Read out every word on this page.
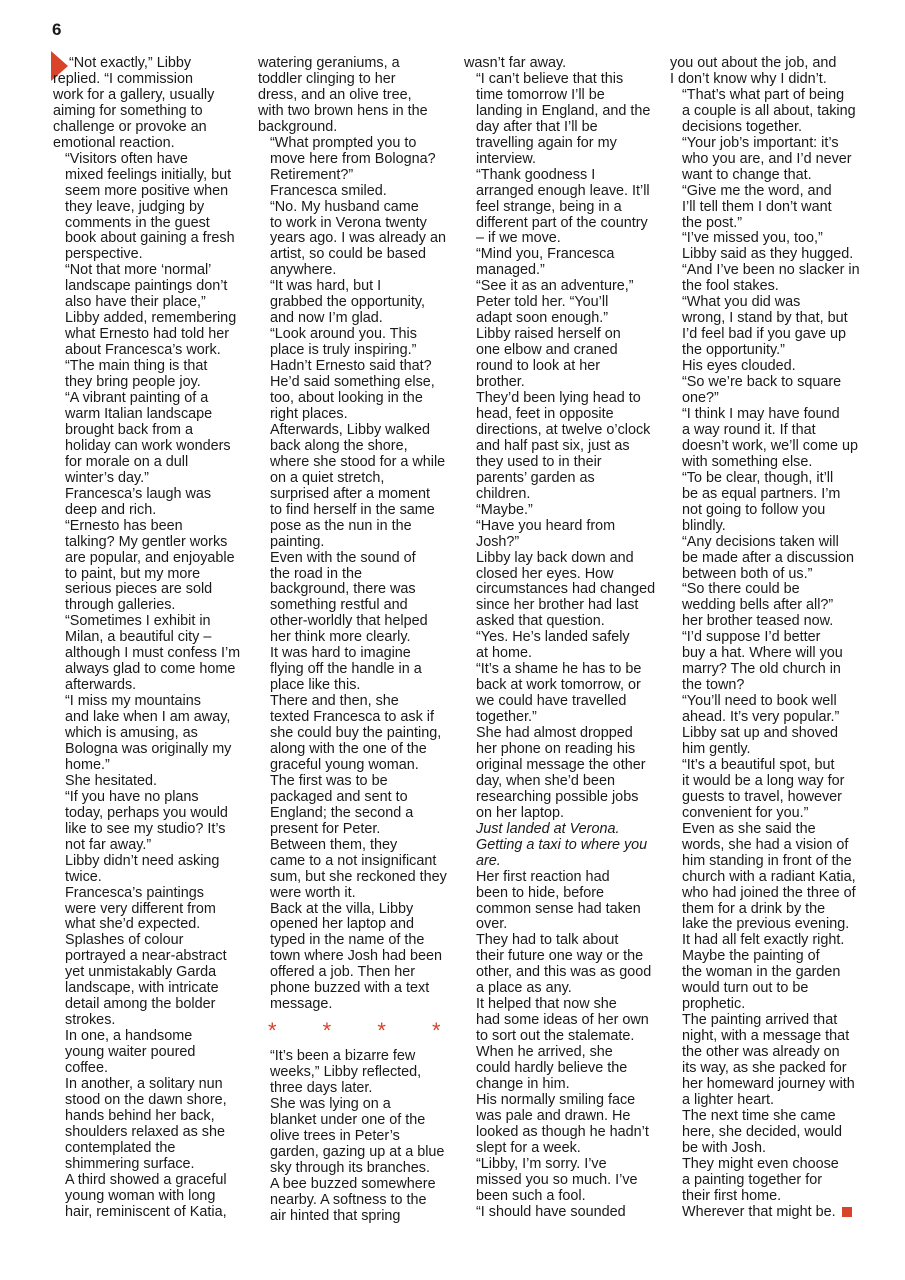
6

“Not exactly,” Libby
replied. “I commission
work for a gallery, usually
aiming for something to
challenge or provoke an
emotional reaction.

“Visitors often have
mixed feelings initially, but
seem more positive when
they leave, judging by
comments in the guest
book about gaining a fresh
perspective.

“Not that more ‘normal’
landscape paintings don’t
also have their place,”
Libby added, remembering
what Ernesto had told her
about Francesca’s work.

“The main thing is that
they bring people joy.

“A vibrant painting of a
warm Italian landscape
brought back from a
holiday can work wonders
for morale on a dull
winter’s day.”

Francesca’s laugh was
deep and rich.

“Ernesto has been
talking? My gentler works
are popular, and enjoyable
to paint, but my more
serious pieces are sold
through galleries.

“Sometimes I exhibit in
Milan, a beautiful city –
although I must confess I’m
always glad to come home
afterwards.

“I miss my mountains
and lake when I am away,
which is amusing, as
Bologna was originally my
home.”

She hesitated.

“If you have no plans
today, perhaps you would
like to see my studio? It’s
not far away.”

Libby didn’t need asking
twice.

Francesca’s paintings
were very different from
what she’d expected.

Splashes of colour
portrayed a near-abstract
yet unmistakably Garda
landscape, with intricate
detail among the bolder
strokes.

In one, a handsome
young waiter poured
coffee.

In another, a solitary nun
stood on the dawn shore,
hands behind her back,
shoulders relaxed as she
contemplated the
shimmering surface.

A third showed a graceful
young woman with long
hair, reminiscent of Katia,

watering geraniums, a
toddler clinging to her
dress, and an olive tree,
with two brown hens in the
background.

“What prompted you to
move here from Bologna?
Retirement?”

Francesca smiled.

“No. My husband came
to work in Verona twenty
years ago. I was already an
artist, so could be based
anywhere.

“It was hard, but I
grabbed the opportunity,
and now I’m glad.

“Look around you. This
place is truly inspiring.”

Hadn’t Ernesto said that?
He’d said something else,
too, about looking in the
right places.

Afterwards, Libby walked
back along the shore,
where she stood for a while
on a quiet stretch,
surprised after a moment
to find herself in the same
pose as the nun in the
painting.

Even with the sound of
the road in the
background, there was
something restful and
other-worldly that helped
her think more clearly.

It was hard to imagine
flying off the handle in a
place like this.

There and then, she
texted Francesca to ask if
she could buy the painting,
along with the one of the
graceful young woman.

The first was to be
packaged and sent to
England; the second a
present for Peter.

Between them, they
came to a not insignificant
sum, but she reckoned they
were worth it.

Back at the villa, Libby
opened her laptop and
typed in the name of the
town where Josh had been
offered a job. Then her
phone buzzed with a text
message.

* * * *

“It’s been a bizarre few
weeks,” Libby reflected,
three days later.

She was lying on a
blanket under one of the
olive trees in Peter’s
garden, gazing up at a blue
sky through its branches.

A bee buzzed somewhere
nearby. A softness to the
air hinted that spring

wasn’t far away.

“I can’t believe that this
time tomorrow I’ll be
landing in England, and the
day after that I’ll be
travelling again for my
interview.

“Thank goodness I
arranged enough leave. It’ll
feel strange, being in a
different part of the country
– if we move.

“Mind you, Francesca
managed.”

“See it as an adventure,”
Peter told her. “You’ll
adapt soon enough.”

Libby raised herself on
one elbow and craned
round to look at her
brother.

They’d been lying head to
head, feet in opposite
directions, at twelve o’clock
and half past six, just as
they used to in their
parents’ garden as
children.

“Maybe.”

“Have you heard from
Josh?”

Libby lay back down and
closed her eyes. How
circumstances had changed
since her brother had last
asked that question.

“Yes. He’s landed safely
at home.

“It’s a shame he has to be
back at work tomorrow, or
we could have travelled
together.”

She had almost dropped
her phone on reading his
original message the other
day, when she’d been
researching possible jobs
on her laptop.

Just landed at Verona.
Getting a taxi to where you
are.

Her first reaction had
been to hide, before
common sense had taken
over.

They had to talk about
their future one way or the
other, and this was as good
a place as any.

It helped that now she
had some ideas of her own
to sort out the stalemate.

When he arrived, she
could hardly believe the
change in him.

His normally smiling face
was pale and drawn. He
looked as though he hadn’t
slept for a week.

“Libby, I’m sorry. I’ve
missed you so much. I’ve
been such a fool.

“I should have sounded

you out about the job, and
I don’t know why I didn’t.

“That’s what part of being
a couple is all about, taking
decisions together.

“Your job’s important: it’s
who you are, and I’d never
want to change that.

“Give me the word, and
I’ll tell them I don’t want
the post.”

“I’ve missed you, too,”
Libby said as they hugged.
“And I’ve been no slacker in
the fool stakes.

“What you did was
wrong, I stand by that, but
I’d feel bad if you gave up
the opportunity.”

His eyes clouded.

“So we’re back to square
one?”

“I think I may have found
a way round it. If that
doesn’t work, we’ll come up
with something else.

“To be clear, though, it’ll
be as equal partners. I’m
not going to follow you
blindly.

“Any decisions taken will
be made after a discussion
between both of us.”

“So there could be
wedding bells after all?”
her brother teased now.

“I’d suppose I’d better
buy a hat. Where will you
marry? The old church in
the town?

“You’ll need to book well
ahead. It’s very popular.”

Libby sat up and shoved
him gently.

“It’s a beautiful spot, but
it would be a long way for
guests to travel, however
convenient for you.”

Even as she said the
words, she had a vision of
him standing in front of the
church with a radiant Katia,
who had joined the three of
them for a drink by the
lake the previous evening.
It had all felt exactly right.

Maybe the painting of
the woman in the garden
would turn out to be
prophetic.

The painting arrived that
night, with a message that
the other was already on
its way, as she packed for
her homeward journey with
a lighter heart.

The next time she came
here, she decided, would
be with Josh.

They might even choose
a painting together for
their first home.

Wherever that might be.
